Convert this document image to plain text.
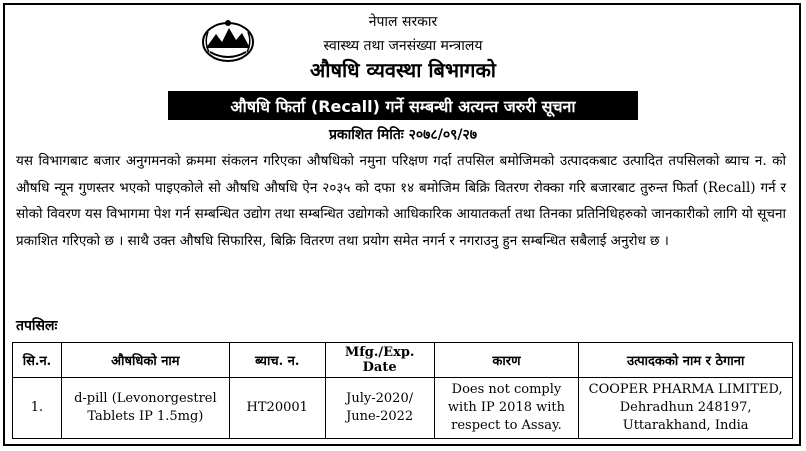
नेपाल सरकार
स्वास्थ्य तथा जनसंख्या मन्त्रालय
औषधि व्यवस्था बिभागको
औषधि फिर्ता (Recall) गर्ने सम्बन्धी अत्यन्त जरुरी सूचना
प्रकाशित मितिः २०७८/०९/२७
यस विभागबाट बजार अनुगमनको क्रममा संकलन गरिएका औषधिको नमुना परिक्षण गर्दा तपसिल बमोजिमको उत्पादकबाट उत्पादित तपसिलको ब्याच न. को औषधि न्यून गुणस्तर भएको पाइएकोले सो औषधि औषधि ऐन २०३५ को दफा १४ बमोजिम बिक्रि वितरण रोक्का गरि बजारबाट तुरुन्त फिर्ता (Recall) गर्न र सोको विवरण यस विभागमा पेश गर्न सम्बन्धित उद्योग तथा सम्बन्धित उद्योगको आधिकारिक आयातकर्ता तथा तिनका प्रतिनिधिहरुको जानकारीको लागि यो सूचना प्रकाशित गरिएको छ । साथै उक्त औषधि सिफारिस, बिक्रि वितरण तथा प्रयोग समेत नगर्न र नगराउनु हुन सम्बन्धित सबैलाई अनुरोध छ ।
तपसिलः
सि.न.	औषधिको नाम	ब्याच. न.	Mfg./Exp. Date	कारण	उत्पादकको नाम र ठेगाना
1.	d-pill (Levonorgestrel Tablets IP 1.5mg)	HT20001	July-2020/ June-2022	Does not comply with IP 2018 with respect to Assay.	COOPER PHARMA LIMITED, Dehradhun 248197, Uttarakhand, India
